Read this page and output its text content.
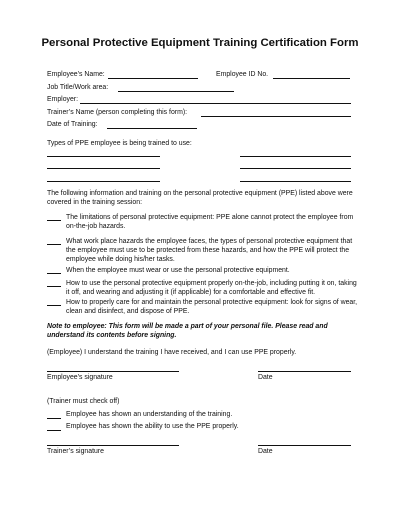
Personal Protective Equipment Training Certification Form
Employee’s Name:	Employee ID No.
Job Title/Work area:
Employer:
Trainer’s Name (person completing this form):
Date of Training:
Types of PPE employee is being trained to use:
The following information and training on the personal protective equipment (PPE) listed above were covered in the training session:
The limitations of personal protective equipment: PPE alone cannot protect the employee from on-the-job hazards.
What work place hazards the employee faces, the types of personal protective equipment that the employee must use to be protected from these hazards, and how the PPE will protect the employee while doing his/her tasks.
When the employee must wear or use the personal protective equipment.
How to use the personal protective equipment properly on-the-job, including putting it on, taking it off, and wearing and adjusting it (if applicable) for a comfortable and effective fit.
How to properly care for and maintain the personal protective equipment: look for signs of wear, clean and disinfect, and dispose of PPE.
Note to employee: This form will be made a part of your personal file. Please read and understand its contents before signing.
(Employee) I understand the training I have received, and I can use PPE properly.
Employee’s signature	Date
(Trainer must check off)
Employee has shown an understanding of the training.
Employee has shown the ability to use the PPE properly.
Trainer’s signature	Date
